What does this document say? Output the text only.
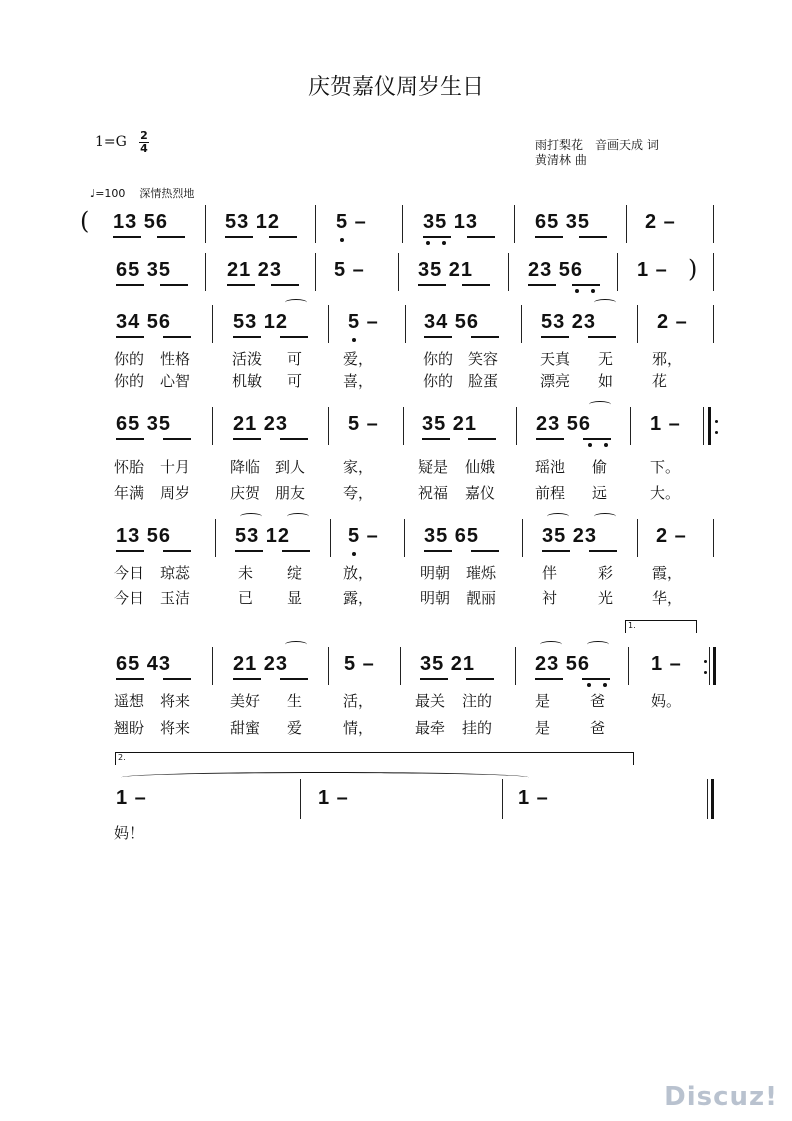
庆贺嘉仪周岁生日
1=G 2
4	雨打梨花　音画天成 词
黄清林 曲
♩=100 深情热烈地
( 13 56	53 12	5 –	35 13	65 35	2 –
65 35	21 23	5 –	35 21	23 56	1 – )
34 56	53 12	5 – 34 56	53 23	2 –
你的 性格	活泼 可	爱，	你的 笑容	天真 无	邪，
你的 心智	机敏 可	喜，	你的 脸蛋	漂亮 如	花
65 35	21 23	5 – 35 21	23 56	1 –
怀胎 十月	降临 到人	家，	疑是 仙娥	瑶池 偷	下。
年满 周岁	庆贺 朋友	夸，	祝福 嘉仪	前程 远	大。
13 56	53 12	5 – 35 65	35 23	2 –
今日 琼蕊	未 绽	放，	明朝 璀烁	伴	彩	霞，
今日 玉洁	已 显	露，	明朝 靓丽	衬	光	华，
1.
65 43	21 23	5 – 35 21	23 56	1 –
遥想 将来	美好 生	活，	最关 注的	是	爸	妈。
翘盼 将来	甜蜜 爱	情，	最牵 挂的	是	爸
2.
1 –	1 –	1 –
妈！
Discuz!
